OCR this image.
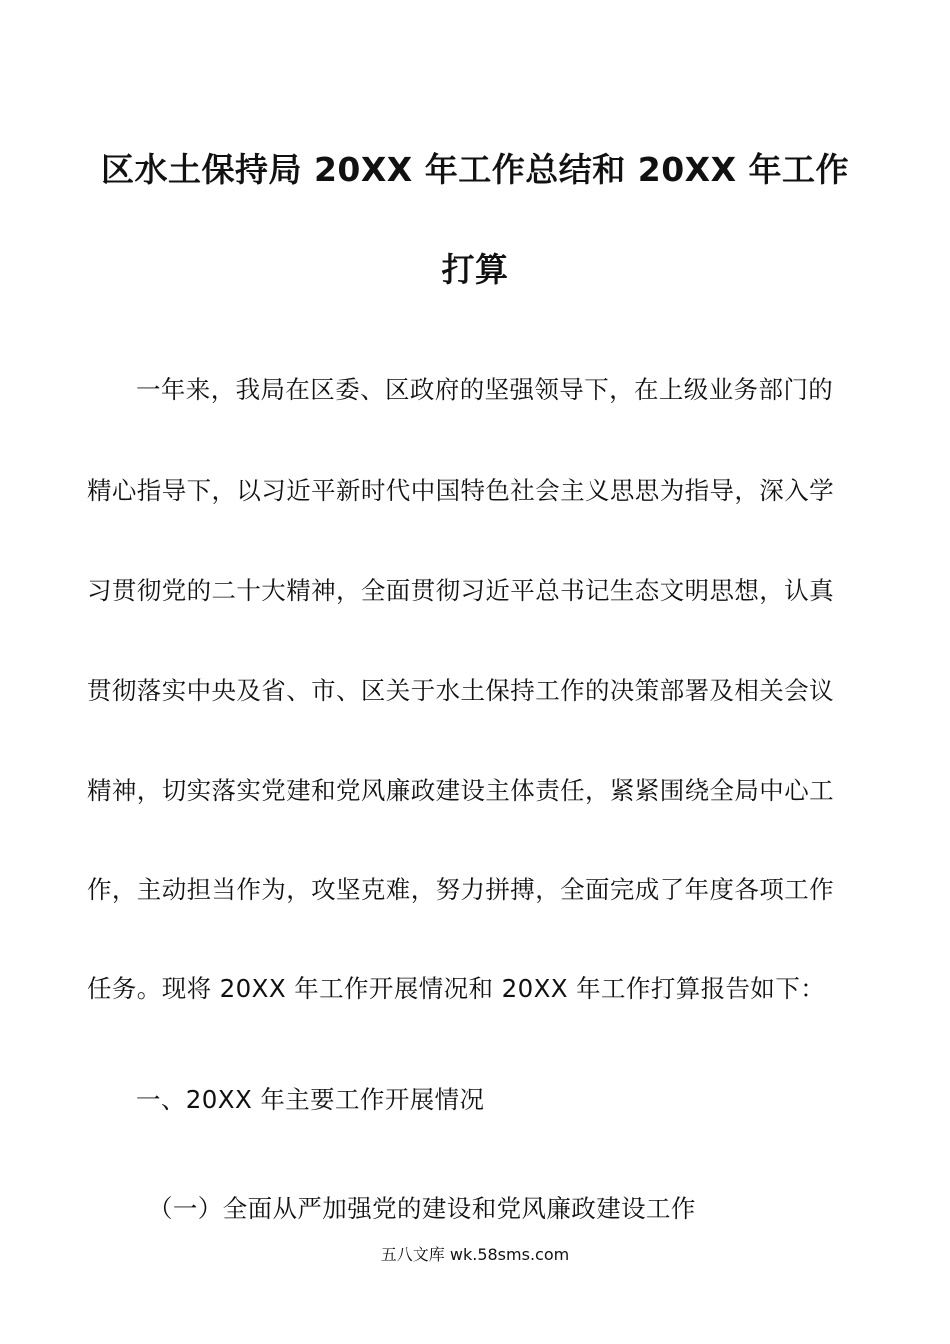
区水土保持局 20XX 年工作总结和 20XX 年工作
打算
一年来，我局在区委、区政府的坚强领导下，在上级业务部门的
精心指导下，以习近平新时代中国特色社会主义思思为指导，深入学
习贯彻党的二十大精神，全面贯彻习近平总书记生态文明思想，认真
贯彻落实中央及省、市、区关于水土保持工作的决策部署及相关会议
精神，切实落实党建和党风廉政建设主体责任，紧紧围绕全局中心工
作，主动担当作为，攻坚克难，努力拼搏，全面完成了年度各项工作
任务。现将 20XX 年工作开展情况和 20XX 年工作打算报告如下：
一、20XX 年主要工作开展情况
（一）全面从严加强党的建设和党风廉政建设工作
五八文库 wk.58sms.com
